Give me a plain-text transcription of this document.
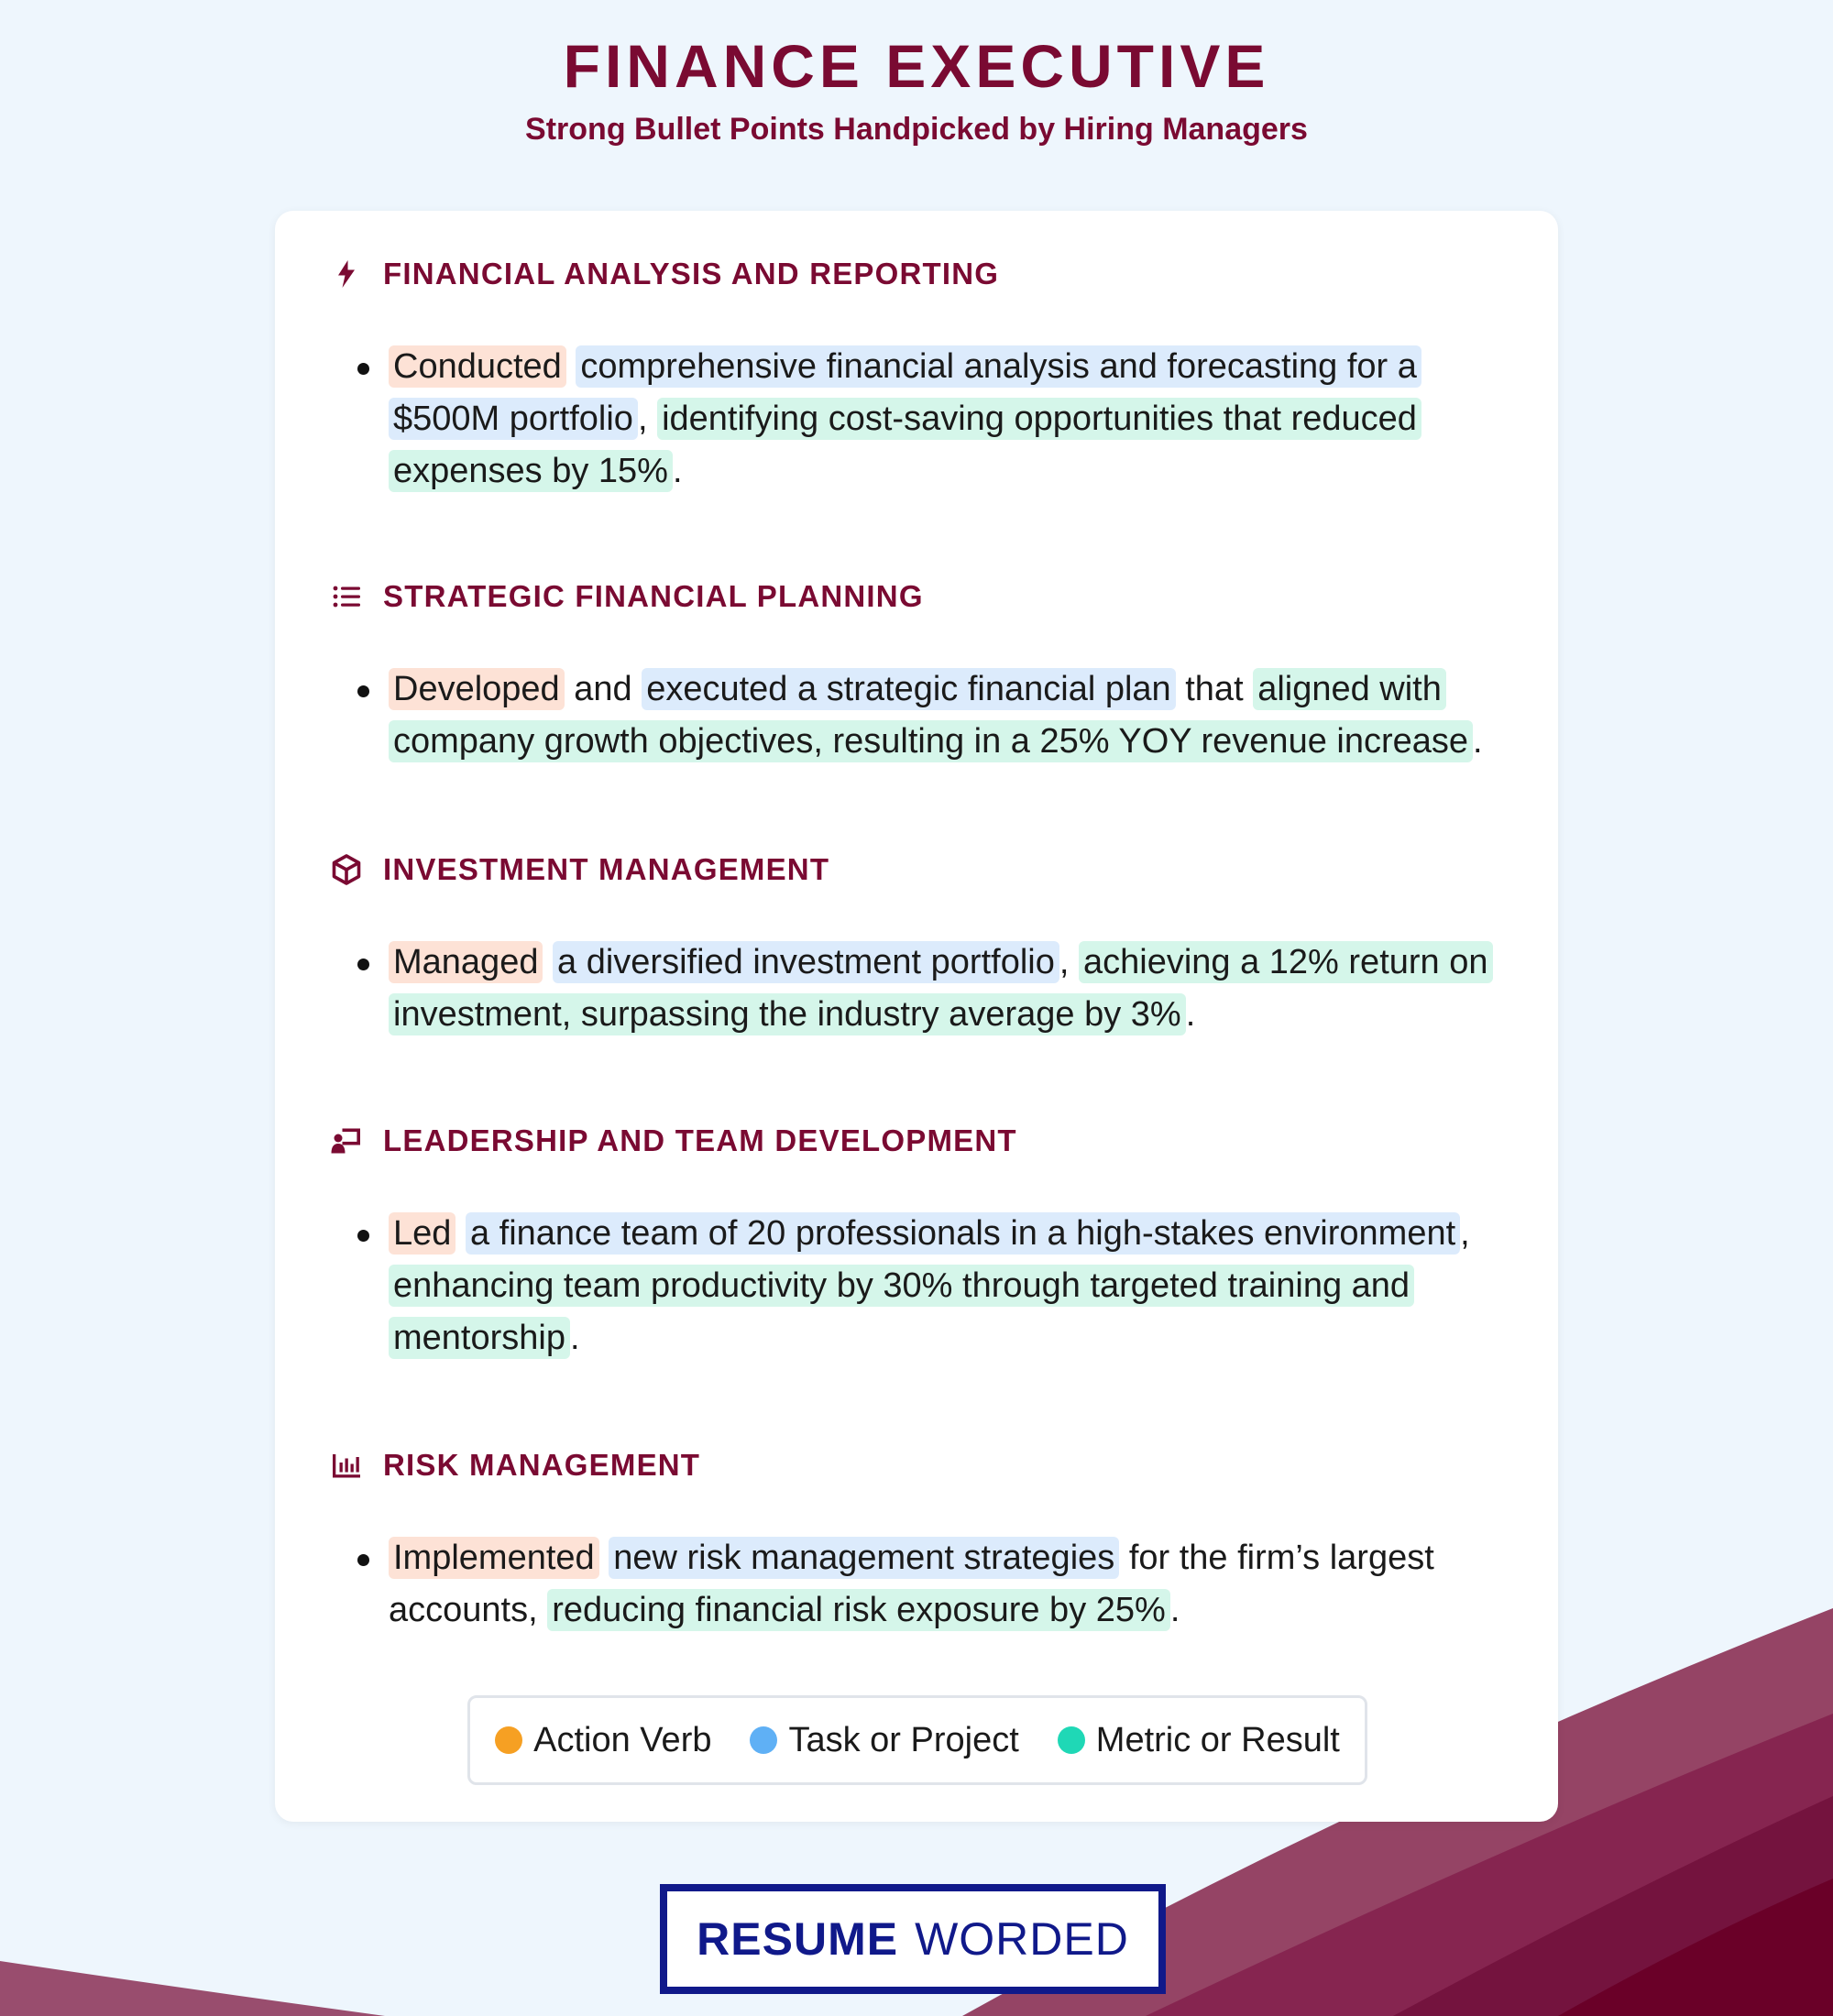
FINANCE EXECUTIVE
Strong Bullet Points Handpicked by Hiring Managers
FINANCIAL ANALYSIS AND REPORTING
Conducted comprehensive financial analysis and forecasting for a $500M portfolio , identifying cost-saving opportunities that reduced expenses by 15% .
STRATEGIC FINANCIAL PLANNING
Developed and executed a strategic financial plan that aligned with company growth objectives, resulting in a 25% YOY revenue increase .
INVESTMENT MANAGEMENT
Managed a diversified investment portfolio , achieving a 12% return on investment, surpassing the industry average by 3% .
LEADERSHIP AND TEAM DEVELOPMENT
Led a finance team of 20 professionals in a high-stakes environment , enhancing team productivity by 30% through targeted training and mentorship .
RISK MANAGEMENT
Implemented new risk management strategies for the firm’s largest accounts, reducing financial risk exposure by 25% .
Action Verb Task or Project Metric or Result
RESUME WORDED
